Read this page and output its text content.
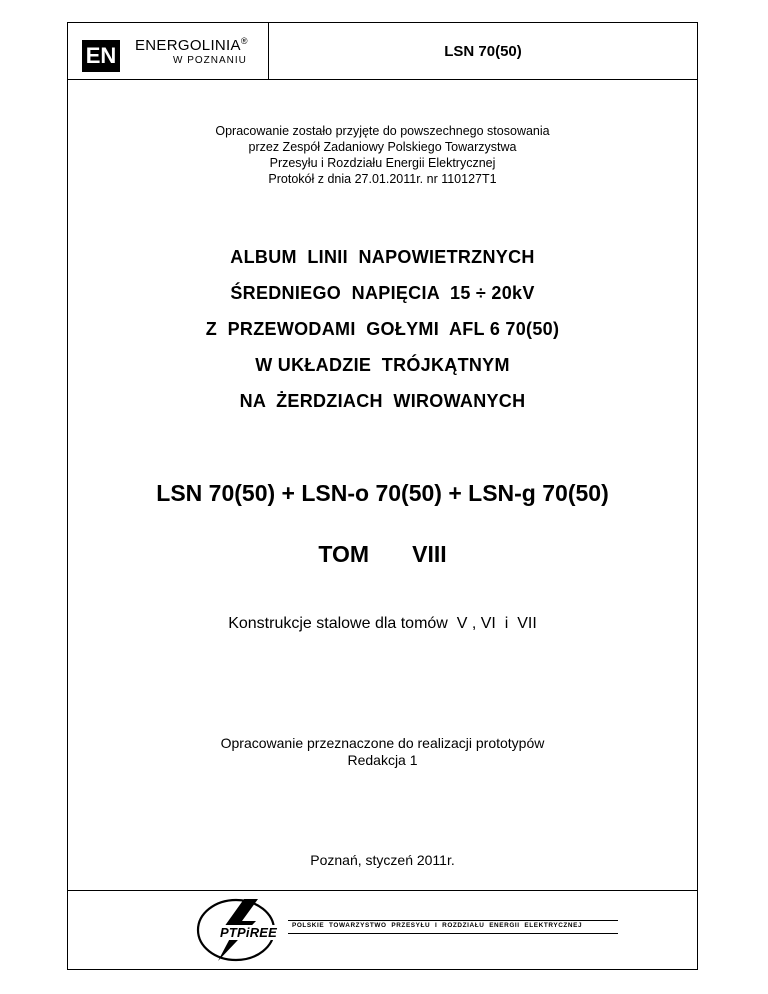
EN ENERGOLINIA®
W POZNANIU
LSN 70(50)
Opracowanie zostało przyjęte do powszechnego stosowania
przez Zespół Zadaniowy Polskiego Towarzystwa
Przesyłu i Rozdziału Energii Elektrycznej
Protokół z dnia 27.01.2011r. nr 110127T1
ALBUM  LINII  NAPOWIETRZNYCH
ŚREDNIEGO  NAPIĘCIA  15 ÷ 20kV
Z  PRZEWODAMI  GOŁYMI  AFL 6 70(50)
W UKŁADZIE  TRÓJKĄTNYM
NA  ŻERDZIACH  WIROWANYCH
LSN 70(50) + LSN-o 70(50) + LSN-g 70(50)
TOM   VIII
Konstrukcje stalowe dla tomów  V , VI  i  VII
Opracowanie przeznaczone do realizacji prototypów
Redakcja 1
Poznań, styczeń 2011r.
PTPiREE	POLSKIE  TOWARZYSTWO  PRZESYŁU  I  ROZDZIAŁU  ENERGII  ELEKTRYCZNEJ
